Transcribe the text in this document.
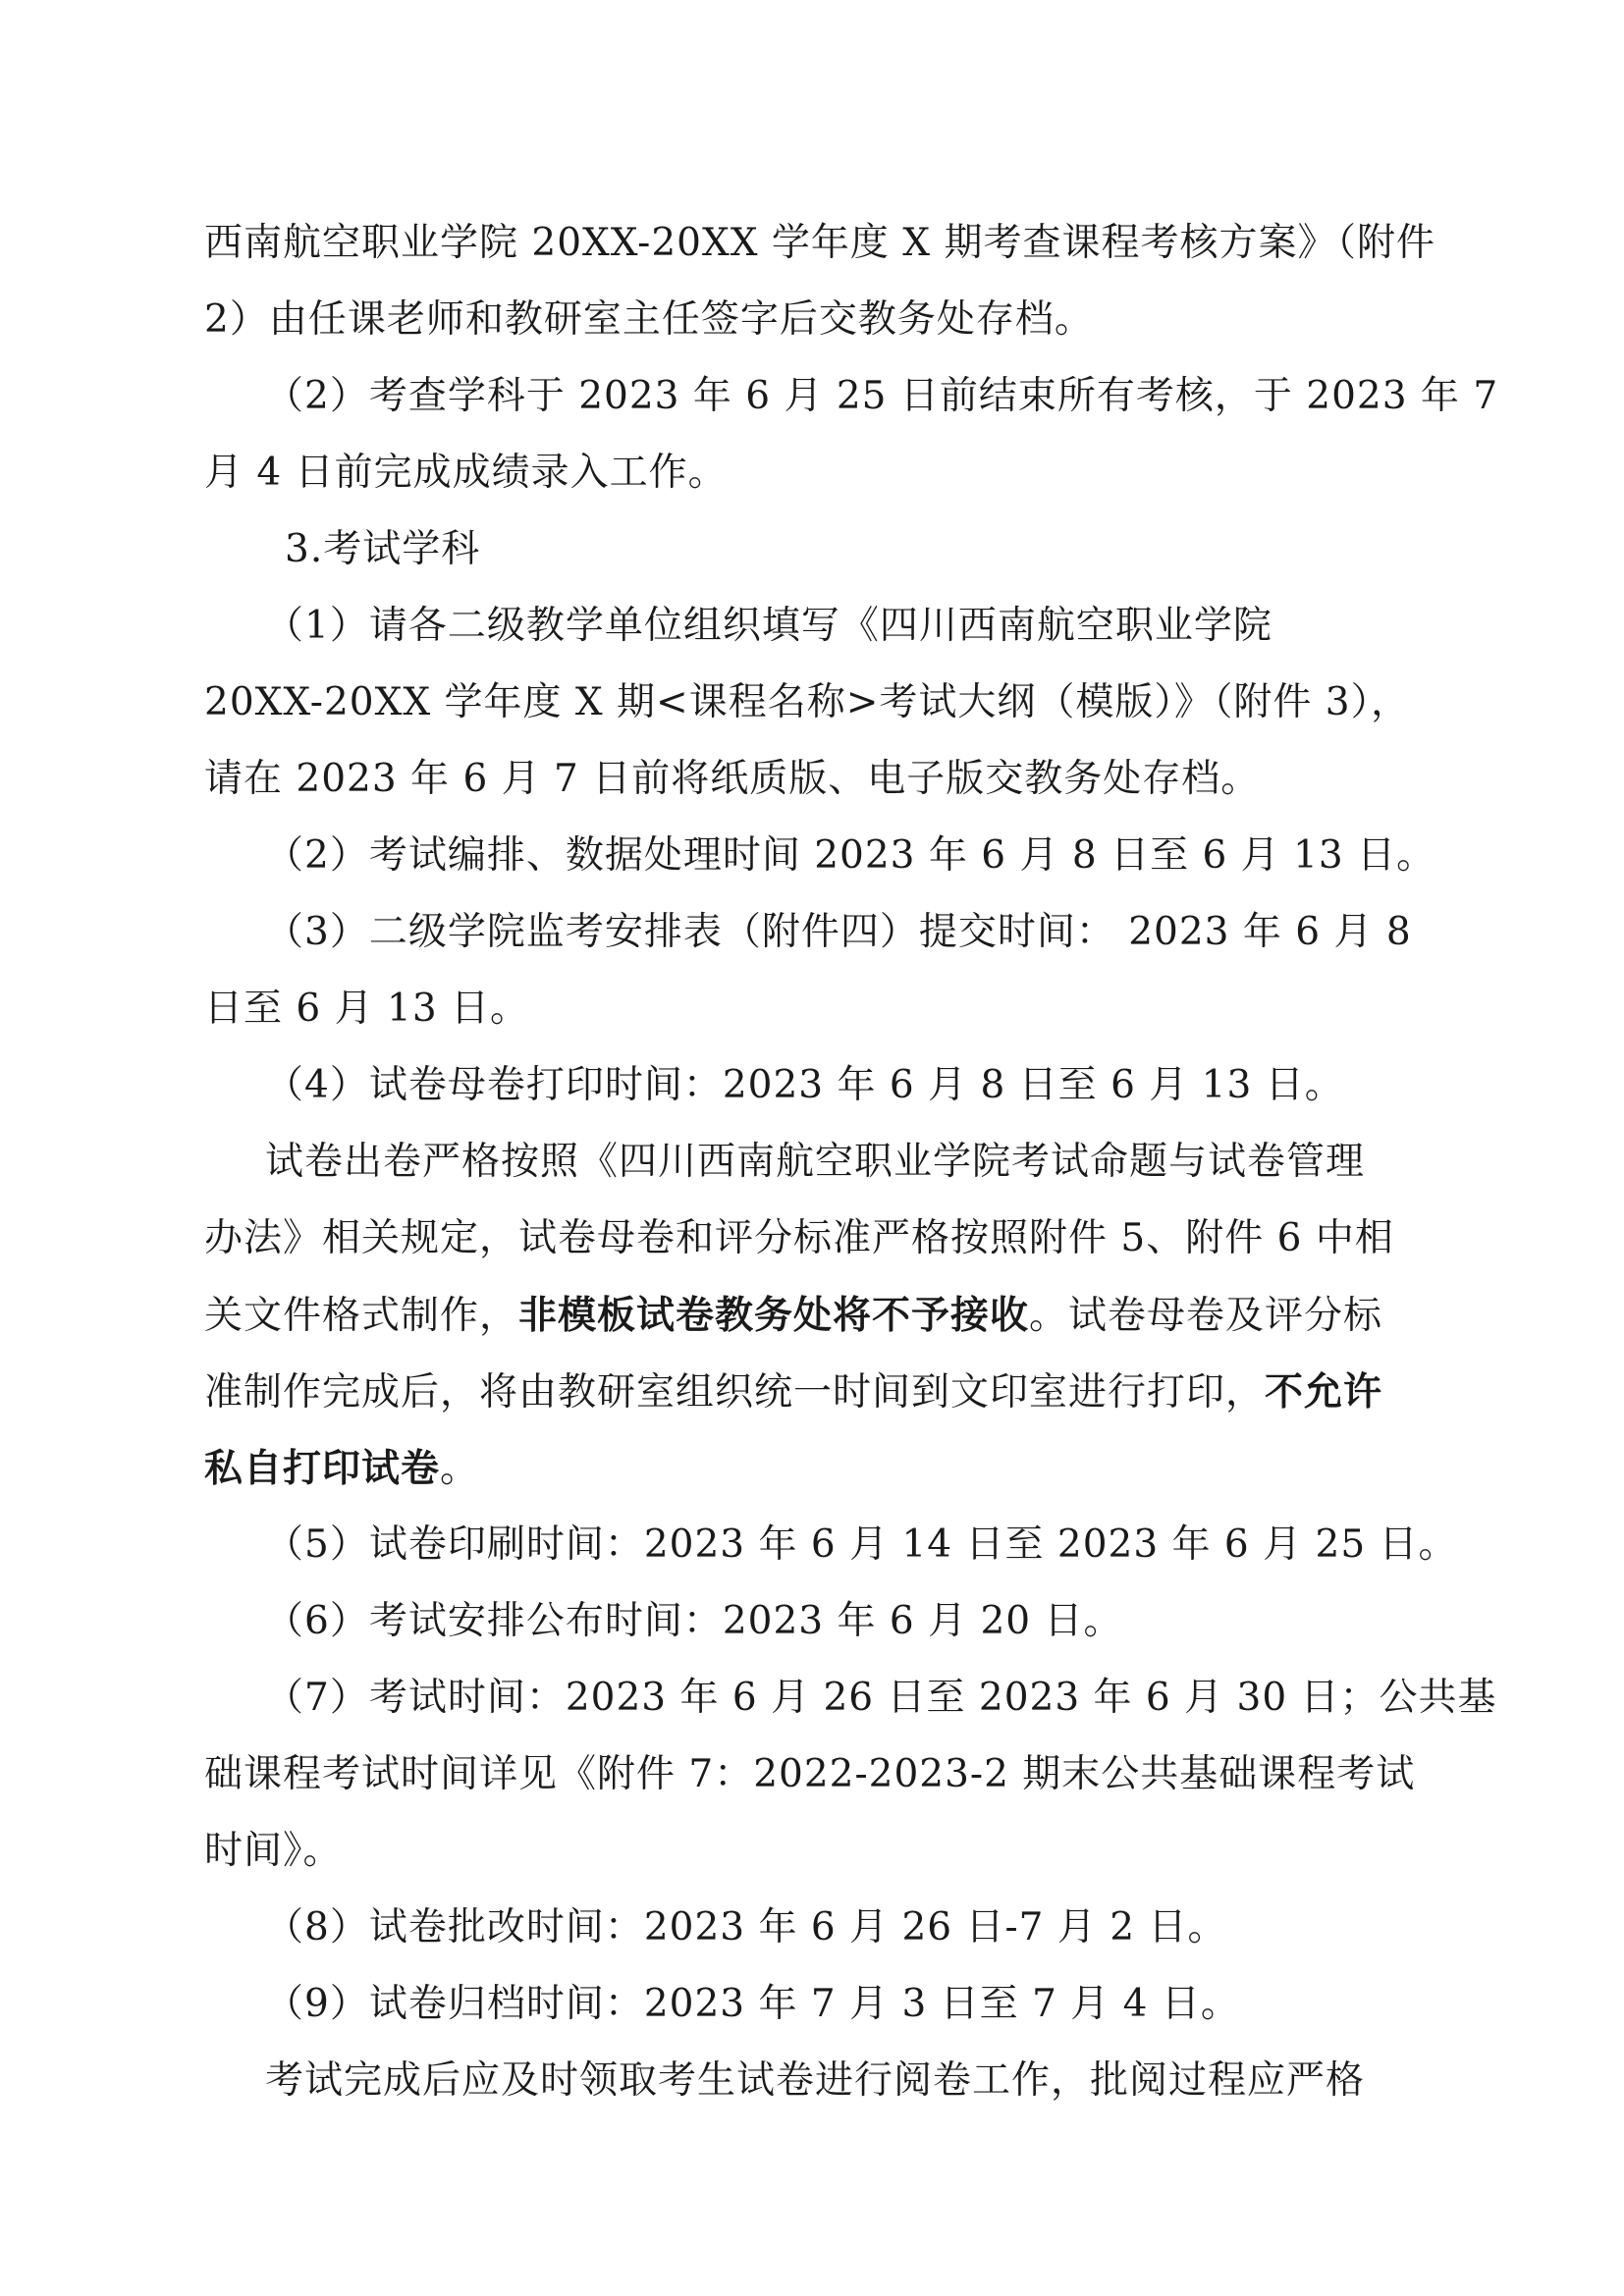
西南航空职业学院 20XX-20XX 学年度 X 期考查课程考核方案》（附件
2）由任课老师和教研室主任签字后交教务处存档。
（2）考查学科于 2023 年 6 月 25 日前结束所有考核，于 2023 年 7
月 4 日前完成成绩录入工作。
3.考试学科
（1）请各二级教学单位组织填写《四川西南航空职业学院
20XX-20XX 学年度 X 期<课程名称>考试大纲（模版）》（附件 3），
请在 2023 年 6 月 7 日前将纸质版、电子版交教务处存档。
（2）考试编排、数据处理时间 2023 年 6 月 8 日至 6 月 13 日。
（3）二级学院监考安排表（附件四）提交时间： 2023 年 6 月 8
日至 6 月 13 日。
（4）试卷母卷打印时间：2023 年 6 月 8 日至 6 月 13 日。
试卷出卷严格按照《四川西南航空职业学院考试命题与试卷管理
办法》相关规定，试卷母卷和评分标准严格按照附件 5、附件 6 中相
关文件格式制作，非模板试卷教务处将不予接收。试卷母卷及评分标
准制作完成后，将由教研室组织统一时间到文印室进行打印，不允许
私自打印试卷。
（5）试卷印刷时间：2023 年 6 月 14 日至 2023 年 6 月 25 日。
（6）考试安排公布时间：2023 年 6 月 20 日。
（7）考试时间：2023 年 6 月 26 日至 2023 年 6 月 30 日；公共基
础课程考试时间详见《附件 7：2022-2023-2 期末公共基础课程考试
时间》。
（8）试卷批改时间：2023 年 6 月 26 日-7 月 2 日。
（9）试卷归档时间：2023 年 7 月 3 日至 7 月 4 日。
考试完成后应及时领取考生试卷进行阅卷工作，批阅过程应严格
